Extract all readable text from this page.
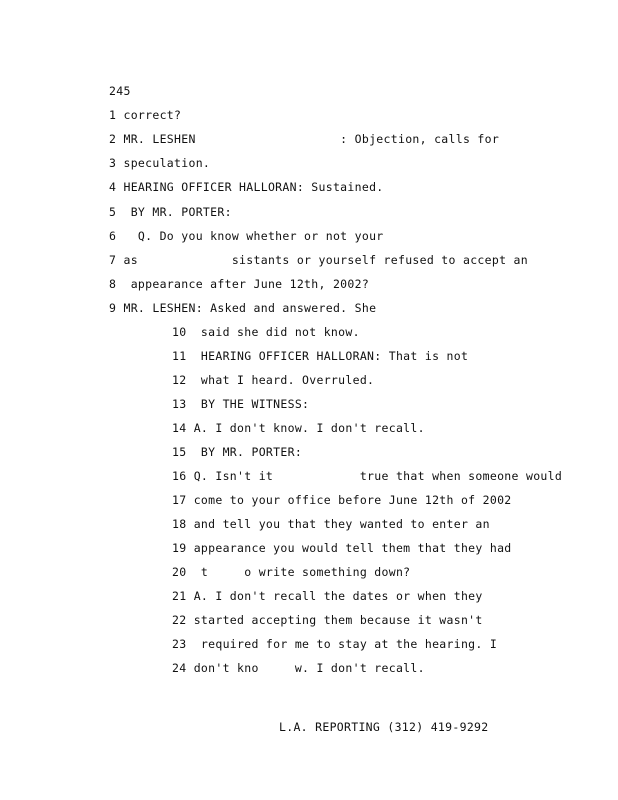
245
1 correct?
2 MR. LESHEN                    : Objection, calls for
3 speculation.
4 HEARING OFFICER HALLORAN: Sustained.
5  BY MR. PORTER:
6   Q. Do you know whether or not your
7 as             sistants or yourself refused to accept an
8  appearance after June 12th, 2002?
9 MR. LESHEN: Asked and answered. She
10  said she did not know.
11  HEARING OFFICER HALLORAN: That is not
12  what I heard. Overruled.
13  BY THE WITNESS:
14 A. I don't know. I don't recall.
15  BY MR. PORTER:
16 Q. Isn't it            true that when someone would
17 come to your office before June 12th of 2002
18 and tell you that they wanted to enter an
19 appearance you would tell them that they had
20  t     o write something down?
21 A. I don't recall the dates or when they
22 started accepting them because it wasn't
23  required for me to stay at the hearing. I
24 don't kno     w. I don't recall.
L.A. REPORTING (312) 419-9292
